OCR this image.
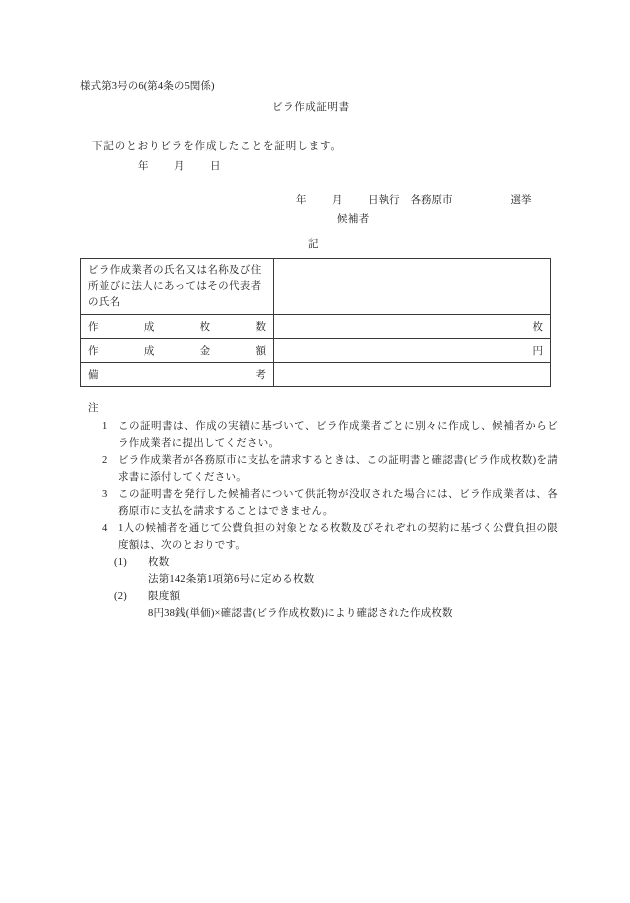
様式第3号の6(第4条の5関係)
ビラ作成証明書
下記のとおりビラを作成したことを証明します。
年 月 日
年 月 日執行 各務原市	選挙
候補者
記
ビラ作成業者の氏名又は名称及び住所並びに法人にあってはその代表者の氏名	

作 成 枚 数	枚

作 成 金 額	円

備 考	

注
1	この証明書は、作成の実績に基づいて、ビラ作成業者ごとに別々に作成し、候補者からビラ作成業者に提出してください。
2	ビラ作成業者が各務原市に支払を請求するときは、この証明書と確認書(ビラ作成枚数)を請求書に添付してください。
3	この証明書を発行した候補者について供託物が没収された場合には、ビラ作成業者は、各務原市に支払を請求することはできません。
4	1人の候補者を通じて公費負担の対象となる枚数及びそれぞれの契約に基づく公費負担の限度額は、次のとおりです。
(1) 枚数
法第142条第1項第6号に定める枚数
(2) 限度額
8円38銭(単価)×確認書(ビラ作成枚数)により確認された作成枚数
